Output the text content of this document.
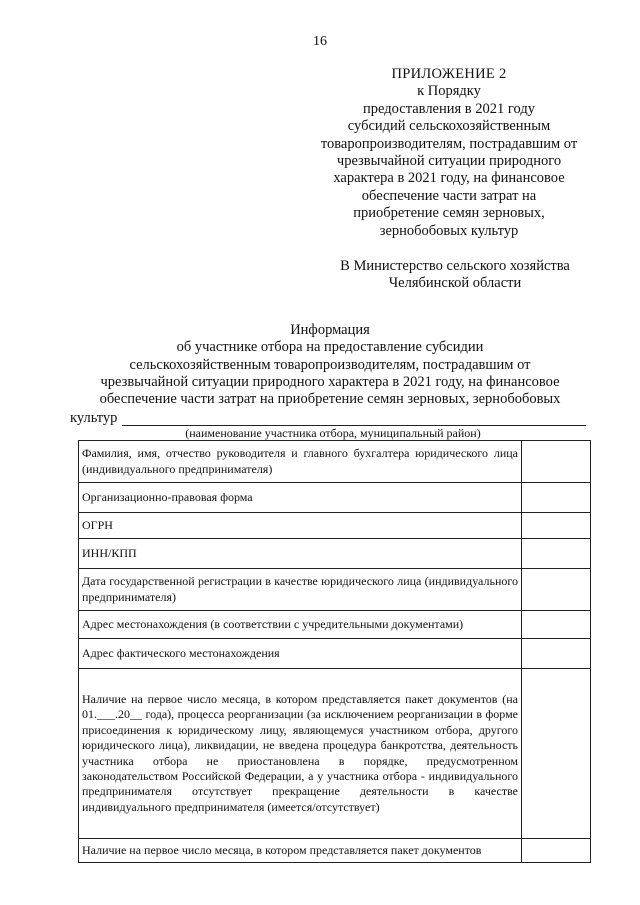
16
ПРИЛОЖЕНИЕ 2
к Порядку
предоставления в 2021 году
субсидий сельскохозяйственным
товаропроизводителям, пострадавшим от
чрезвычайной ситуации природного
характера в 2021 году, на финансовое
обеспечение части затрат на
приобретение семян зерновых,
зернобобовых культур
В Министерство сельского хозяйства
Челябинской области
Информация
об участнике отбора на предоставление субсидии
сельскохозяйственным товаропроизводителям, пострадавшим от
чрезвычайной ситуации природного характера в 2021 году, на финансовое
обеспечение части затрат на приобретение семян зерновых, зернобобовых
культур
(наименование участника отбора, муниципальный район)
Фамилия, имя, отчество руководителя и главного бухгалтера юридического лица (индивидуального предпринимателя)	
Организационно-правовая форма	
ОГРН	
ИНН/КПП	
Дата государственной регистрации в качестве юридического лица (индивидуального предпринимателя)	
Адрес местонахождения (в соответствии с учредительными документами)	
Адрес фактического местонахождения	
Наличие на первое число месяца, в котором представляется пакет документов (на 01.___.20__ года), процесса реорганизации (за исключением реорганизации в форме присоединения к юридическому лицу, являющемуся участником отбора, другого юридического лица), ликвидации, не введена процедура банкротства, деятельность участника отбора не приостановлена в порядке, предусмотренном законодательством Российской Федерации, а у участника отбора - индивидуального предпринимателя отсутствует прекращение деятельности в качестве индивидуального предпринимателя (имеется/отсутствует)	
Наличие на первое число месяца, в котором представляется пакет документов	
